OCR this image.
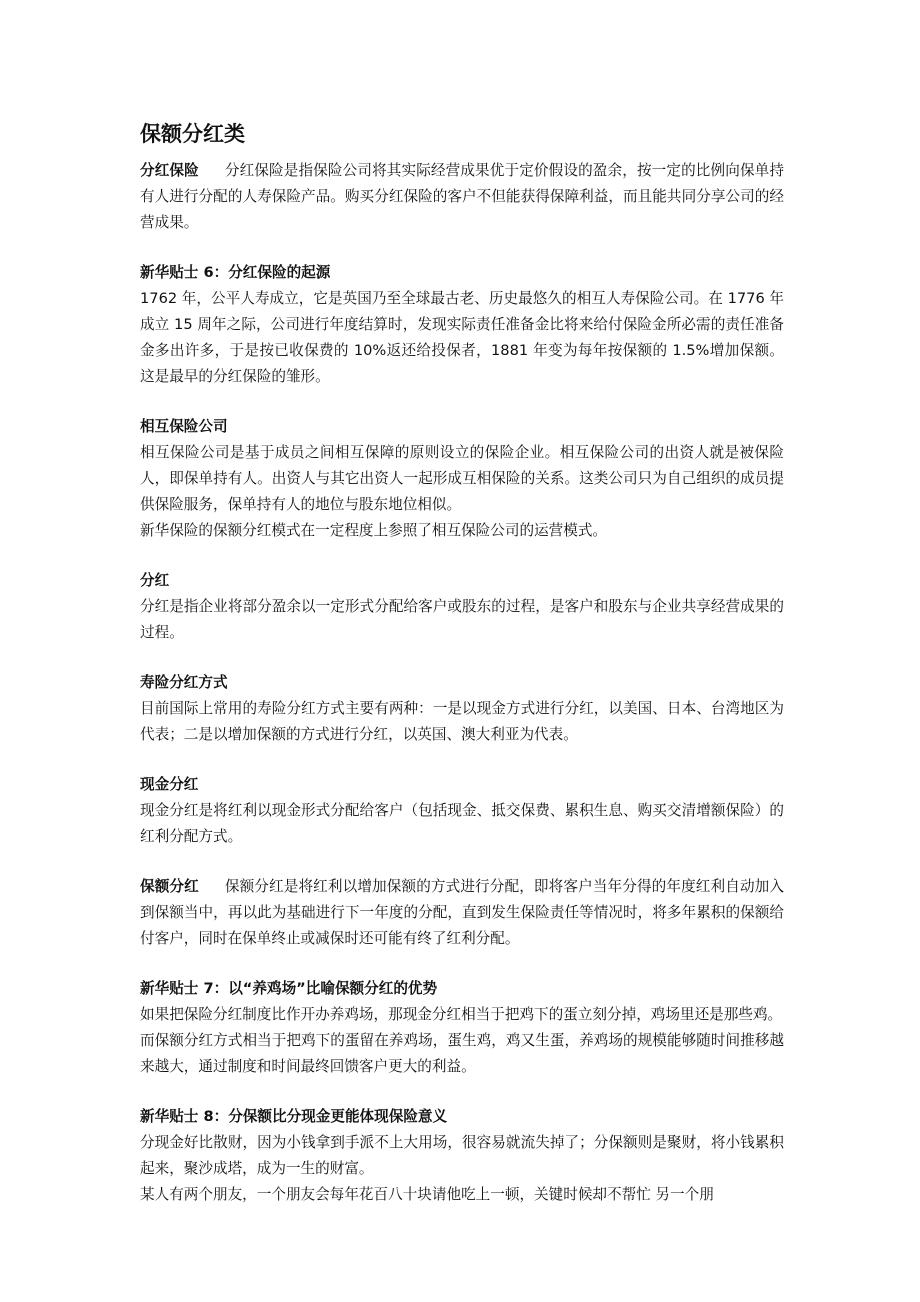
保额分红类

分红保险 分红保险是指保险公司将其实际经营成果优于定价假设的盈余，按一定的比例向保单持有人进行分配的人寿保险产品。购买分红保险的客户不但能获得保障利益，而且能共同分享公司的经营成果。

新华贴士 6：分红保险的起源

1762 年，公平人寿成立，它是英国乃至全球最古老、历史最悠久的相互人寿保险公司。在 1776 年成立 15 周年之际，公司进行年度结算时，发现实际责任准备金比将来给付保险金所必需的责任准备金多出许多，于是按已收保费的 10%返还给投保者，1881 年变为每年按保额的 1.5%增加保额。这是最早的分红保险的雏形。

相互保险公司

相互保险公司是基于成员之间相互保障的原则设立的保险企业。相互保险公司的出资人就是被保险人，即保单持有人。出资人与其它出资人一起形成互相保险的关系。这类公司只为自己组织的成员提供保险服务，保单持有人的地位与股东地位相似。

新华保险的保额分红模式在一定程度上参照了相互保险公司的运营模式。

分红

分红是指企业将部分盈余以一定形式分配给客户或股东的过程，是客户和股东与企业共享经营成果的过程。

寿险分红方式

目前国际上常用的寿险分红方式主要有两种：一是以现金方式进行分红，以美国、日本、台湾地区为代表；二是以增加保额的方式进行分红，以英国、澳大利亚为代表。

现金分红

现金分红是将红利以现金形式分配给客户（包括现金、抵交保费、累积生息、购买交清增额保险）的红利分配方式。

保额分红 保额分红是将红利以增加保额的方式进行分配，即将客户当年分得的年度红利自动加入到保额当中，再以此为基础进行下一年度的分配，直到发生保险责任等情况时，将多年累积的保额给付客户，同时在保单终止或减保时还可能有终了红利分配。

新华贴士 7：以“养鸡场”比喻保额分红的优势

如果把保险分红制度比作开办养鸡场，那现金分红相当于把鸡下的蛋立刻分掉，鸡场里还是那些鸡。

而保额分红方式相当于把鸡下的蛋留在养鸡场，蛋生鸡，鸡又生蛋，养鸡场的规模能够随时间推移越来越大，通过制度和时间最终回馈客户更大的利益。

新华贴士 8：分保额比分现金更能体现保险意义

分现金好比散财，因为小钱拿到手派不上大用场，很容易就流失掉了；分保额则是聚财，将小钱累积起来，聚沙成塔，成为一生的财富。

某人有两个朋友，一个朋友会每年花百八十块请他吃上一顿，关键时候却不帮忙 另一个朋
